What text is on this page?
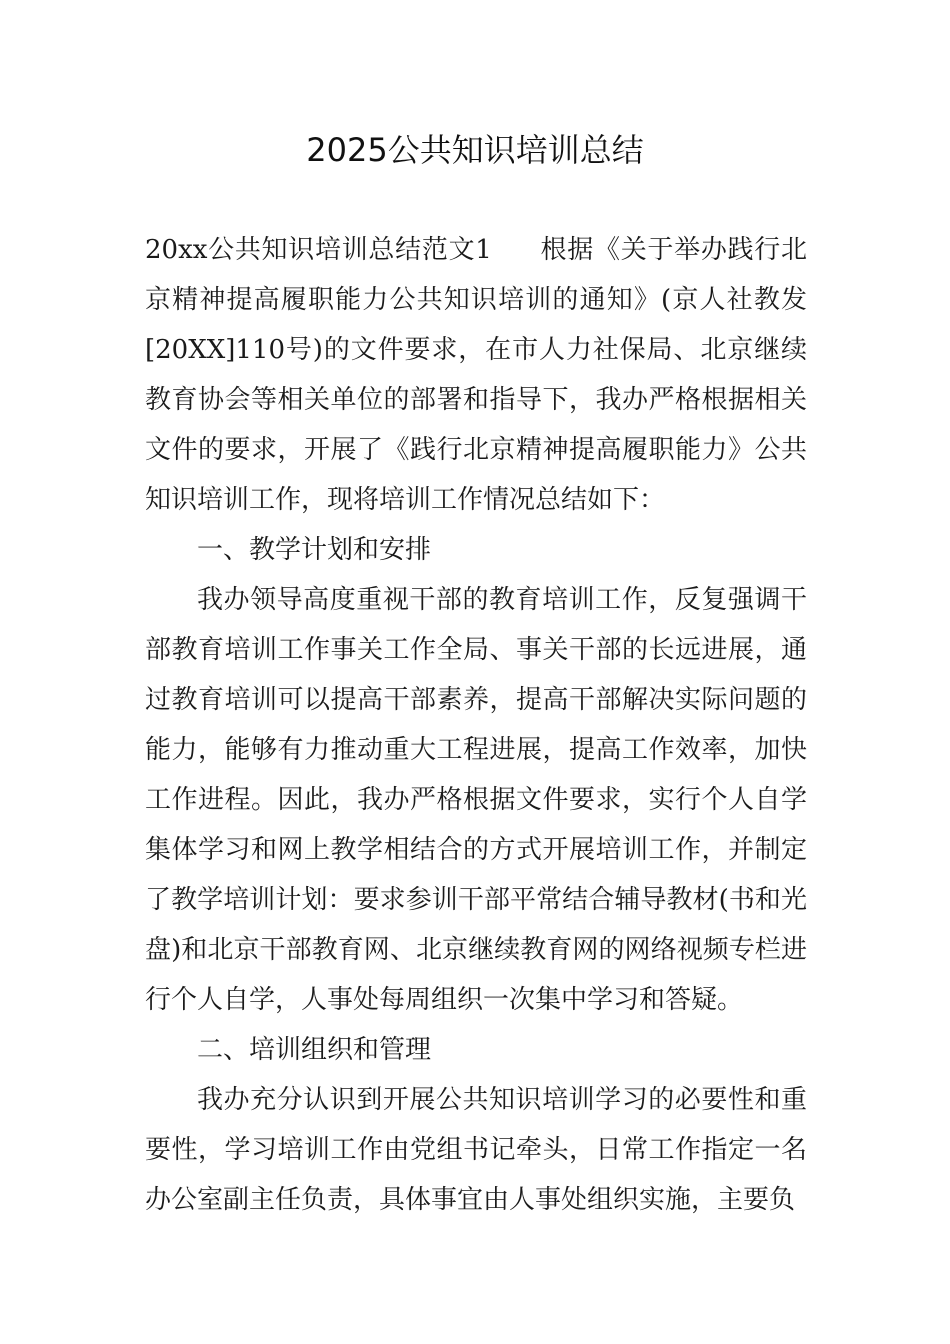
2025公共知识培训总结

20xx公共知识培训总结范文1 根据《关于举办践行北京精神提高履职能力公共知识培训的通知》(京人社教发[20XX]110号)的文件要求，在市人力社保局、北京继续教育协会等相关单位的部署和指导下，我办严格根据相关文件的要求，开展了《践行北京精神提高履职能力》公共知识培训工作，现将培训工作情况总结如下：

一、教学计划和安排

我办领导高度重视干部的教育培训工作，反复强调干部教育培训工作事关工作全局、事关干部的长远进展，通过教育培训可以提高干部素养，提高干部解决实际问题的能力，能够有力推动重大工程进展，提高工作效率，加快工作进程。因此，我办严格根据文件要求，实行个人自学集体学习和网上教学相结合的方式开展培训工作，并制定了教学培训计划：要求参训干部平常结合辅导教材(书和光盘)和北京干部教育网、北京继续教育网的网络视频专栏进行个人自学，人事处每周组织一次集中学习和答疑。

二、培训组织和管理

我办充分认识到开展公共知识培训学习的必要性和重要性，学习培训工作由党组书记牵头，日常工作指定一名办公室副主任负责，具体事宜由人事处组织实施，主要负
